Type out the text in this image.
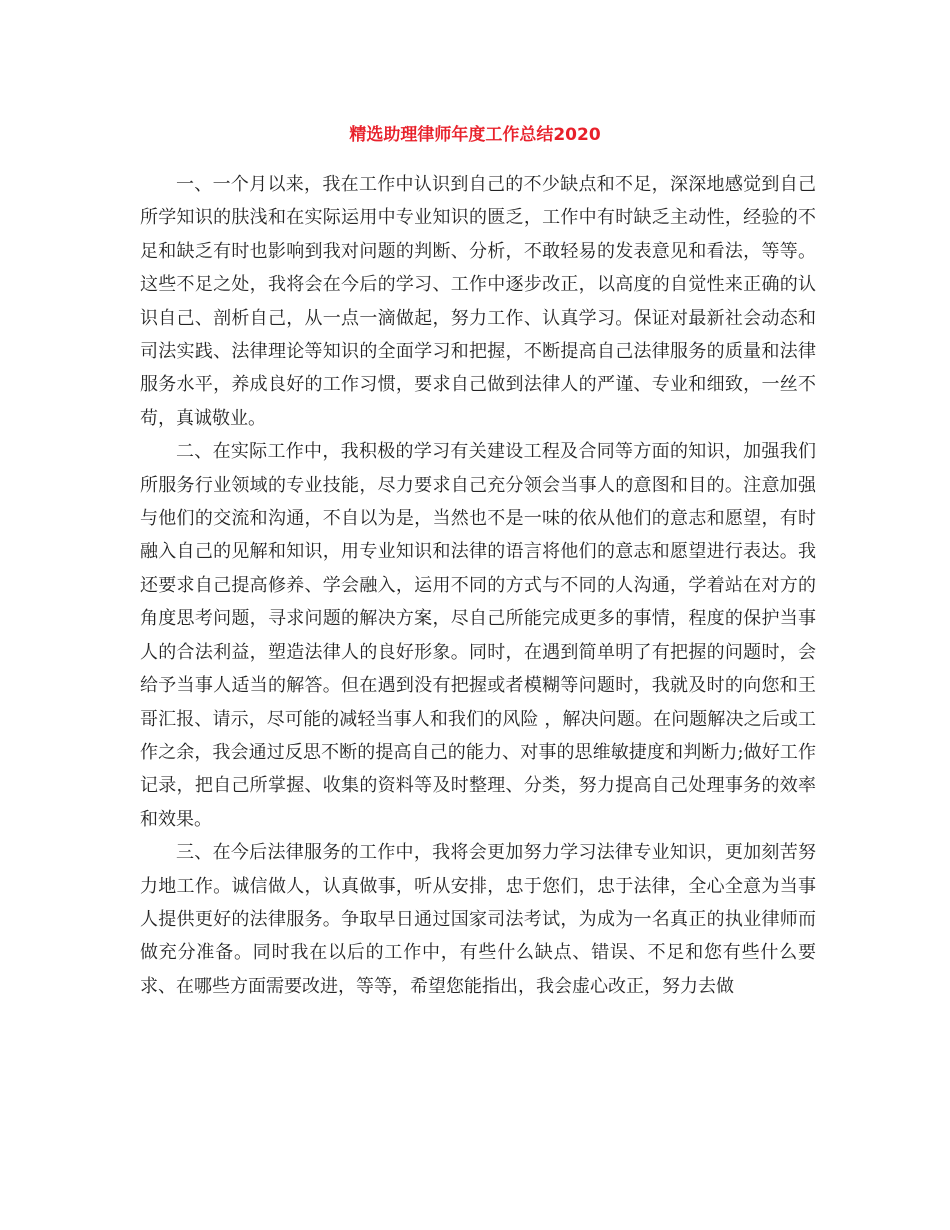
精选助理律师年度工作总结2020

一、一个月以来，我在工作中认识到自己的不少缺点和不足，深深地感觉到自己所学知识的肤浅和在实际运用中专业知识的匮乏，工作中有时缺乏主动性，经验的不足和缺乏有时也影响到我对问题的判断、分析，不敢轻易的发表意见和看法，等等。这些不足之处，我将会在今后的学习、工作中逐步改正，以高度的自觉性来正确的认识自己、剖析自己，从一点一滴做起，努力工作、认真学习。保证对最新社会动态和司法实践、法律理论等知识的全面学习和把握，不断提高自己法律服务的质量和法律服务水平，养成良好的工作习惯，要求自己做到法律人的严谨、专业和细致，一丝不苟，真诚敬业。

二、在实际工作中，我积极的学习有关建设工程及合同等方面的知识，加强我们所服务行业领域的专业技能，尽力要求自己充分领会当事人的意图和目的。注意加强与他们的交流和沟通，不自以为是，当然也不是一味的依从他们的意志和愿望，有时融入自己的见解和知识，用专业知识和法律的语言将他们的意志和愿望进行表达。我还要求自己提高修养、学会融入，运用不同的方式与不同的人沟通，学着站在对方的角度思考问题，寻求问题的解决方案，尽自己所能完成更多的事情，程度的保护当事人的合法利益，塑造法律人的良好形象。同时，在遇到简单明了有把握的问题时，会给予当事人适当的解答。但在遇到没有把握或者模糊等问题时，我就及时的向您和王哥汇报、请示，尽可能的减轻当事人和我们的风险 ，解决问题。在问题解决之后或工作之余，我会通过反思不断的提高自己的能力、对事的思维敏捷度和判断力;做好工作记录，把自己所掌握、收集的资料等及时整理、分类，努力提高自己处理事务的效率和效果。

三、在今后法律服务的工作中，我将会更加努力学习法律专业知识，更加刻苦努力地工作。诚信做人，认真做事，听从安排，忠于您们，忠于法律，全心全意为当事人提供更好的法律服务。争取早日通过国家司法考试，为成为一名真正的执业律师而做充分准备。同时我在以后的工作中，有些什么缺点、错误、不足和您有些什么要求、在哪些方面需要改进，等等，希望您能指出，我会虚心改正，努力去做
